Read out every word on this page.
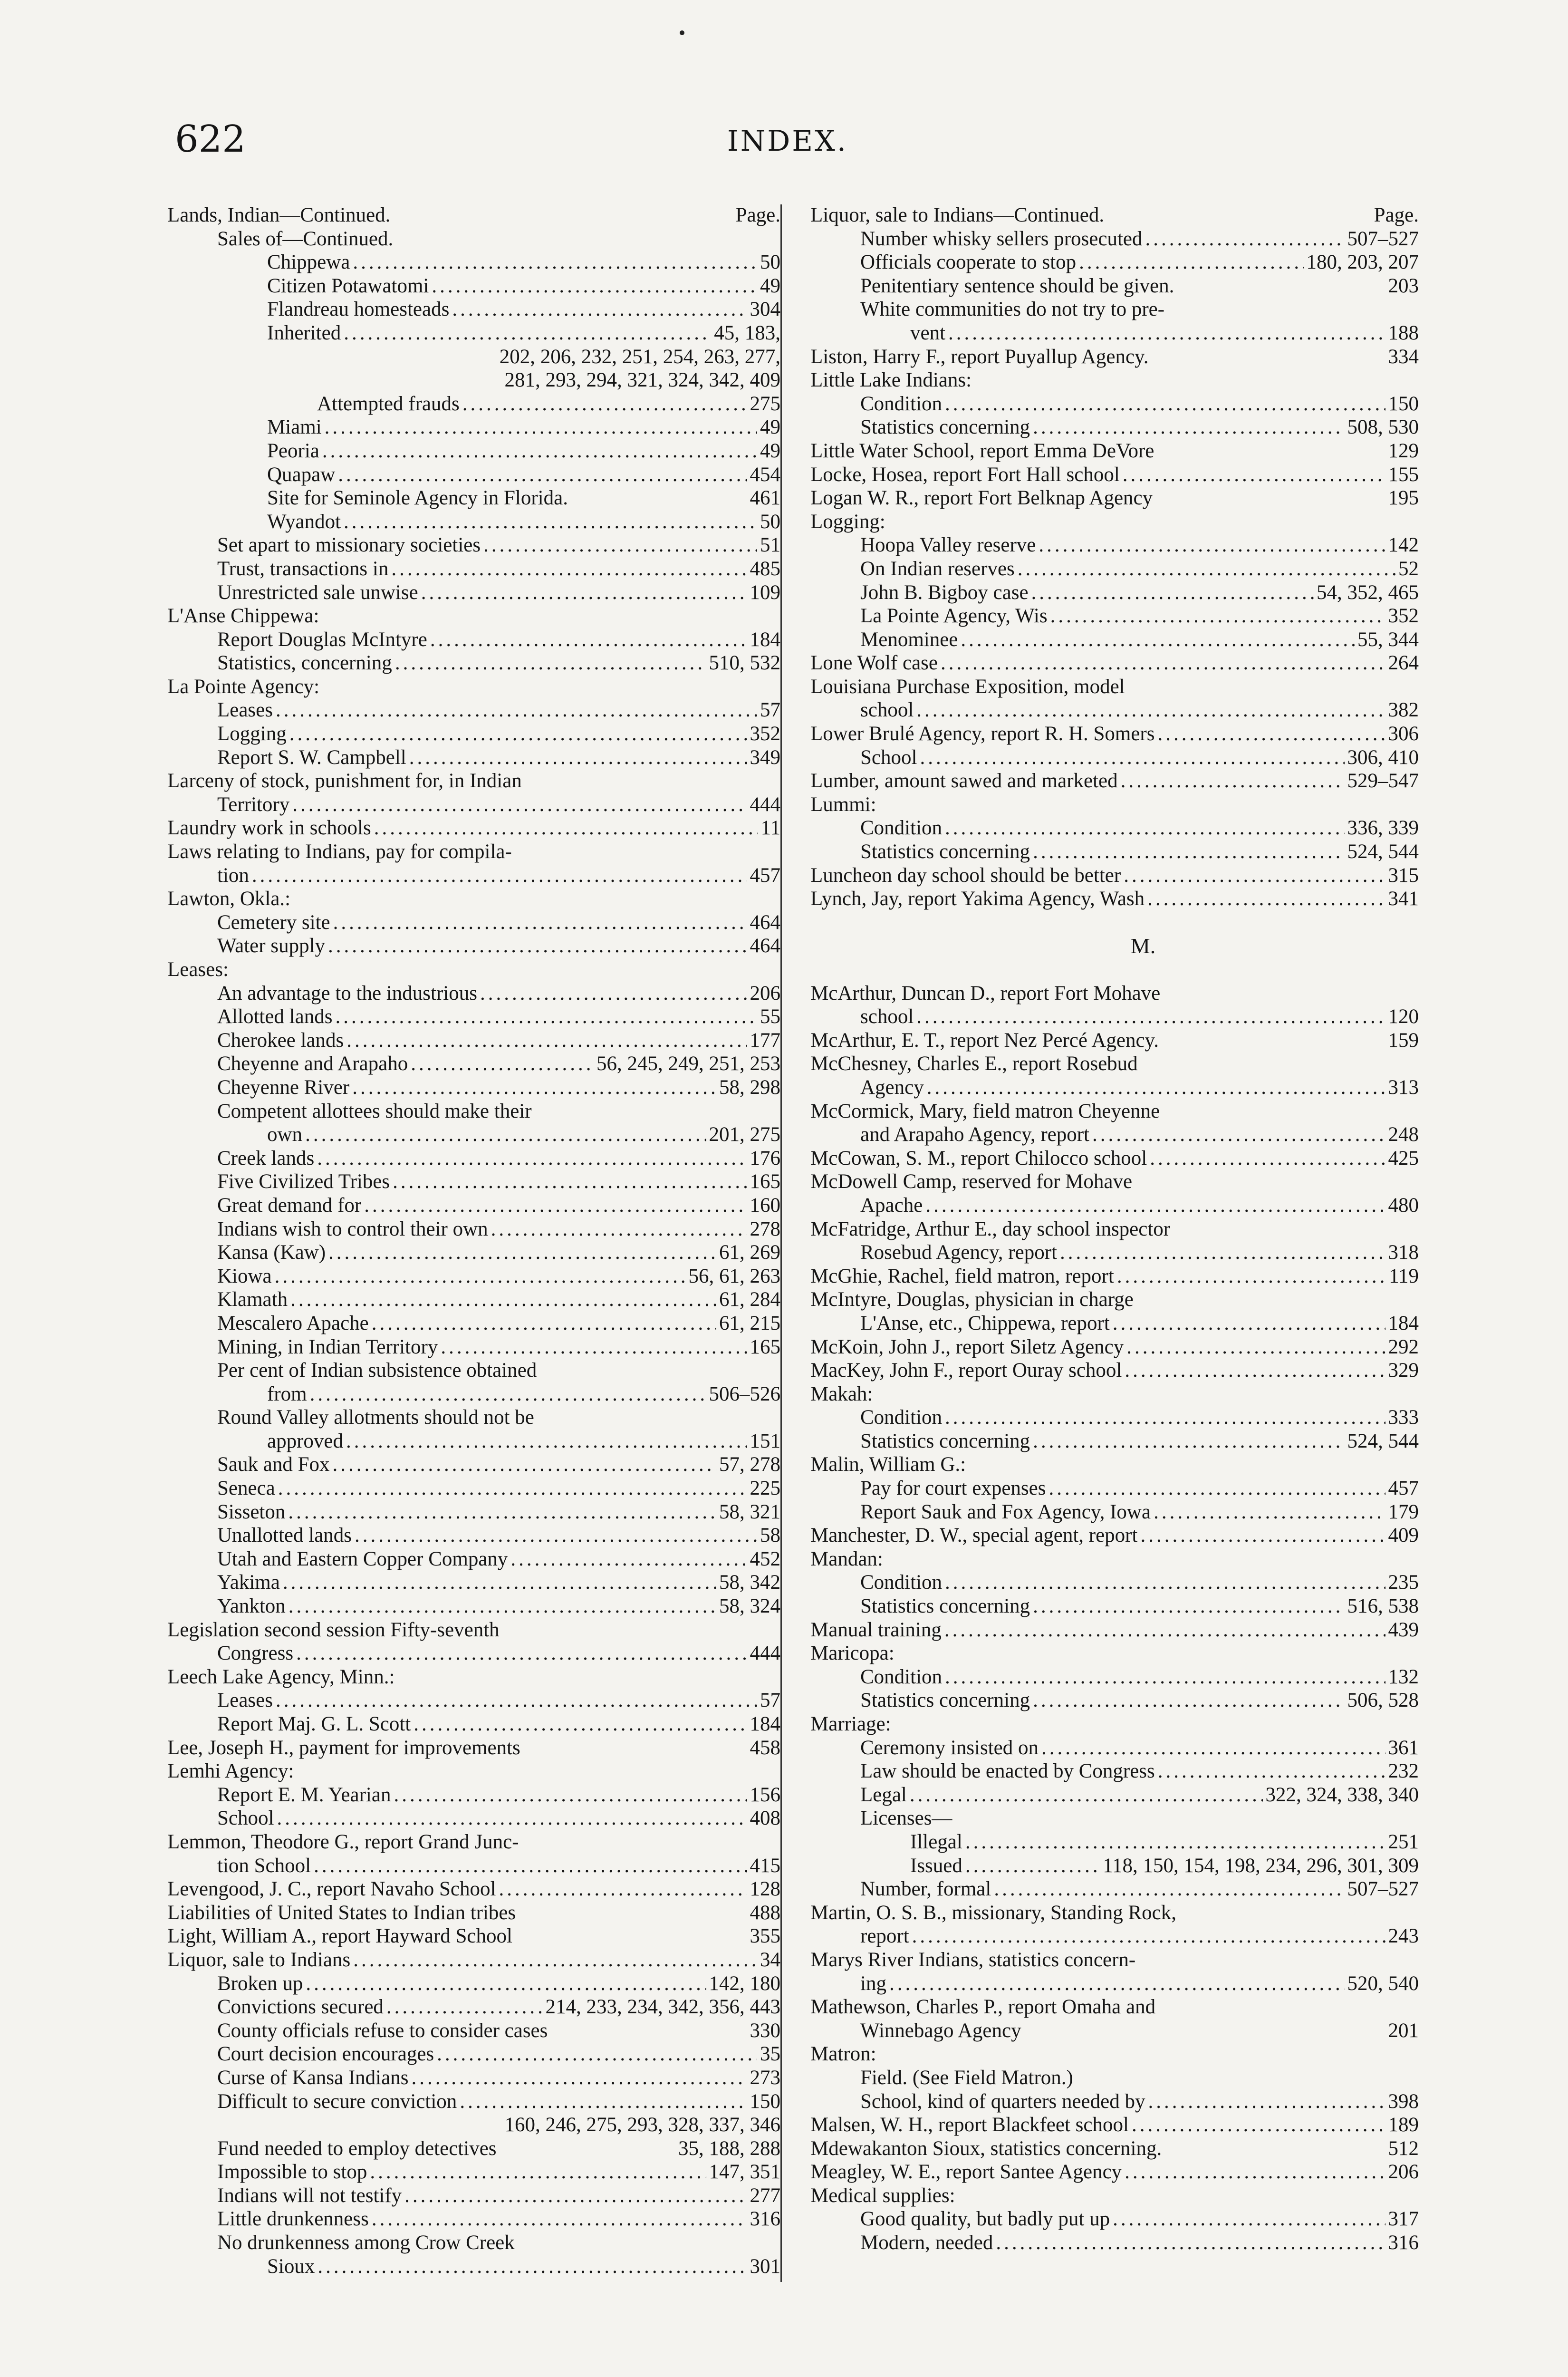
622	INDEX.
Lands, Indian—Continued.	Page.
Sales of—Continued.
Chippewa .....	50
Citizen Potawatomi .....	49
Flandreau homesteads .....	304
Inherited .....	45, 183,
202, 206, 232, 251, 254, 263, 277,
281, 293, 294, 321, 324, 342, 409
Attempted frauds .....	275
Miami .....	49
Peoria .....	49
Quapaw .....	454
Site for Seminole Agency in Florida.	461
Wyandot .....	50
Set apart to missionary societies .....	51
Trust, transactions in .....	485
Unrestricted sale unwise .....	109
L'Anse Chippewa:
Report Douglas McIntyre .....	184
Statistics, concerning .....	510, 532
La Pointe Agency:
Leases .....	57
Logging .....	352
Report S. W. Campbell .....	349
Larceny of stock, punishment for, in Indian
Territory .....	444
Laundry work in schools .....	11
Laws relating to Indians, pay for compila-
tion .....	457
Lawton, Okla.:
Cemetery site .....	464
Water supply .....	464
Leases:
An advantage to the industrious .....	206
Allotted lands .....	55
Cherokee lands .....	177
Cheyenne and Arapaho .....	56, 245, 249, 251, 253
Cheyenne River .....	58, 298
Competent allottees should make their
own .....	201, 275
Creek lands .....	176
Five Civilized Tribes .....	165
Great demand for .....	160
Indians wish to control their own .....	278
Kansa (Kaw) .....	61, 269
Kiowa .....	56, 61, 263
Klamath .....	61, 284
Mescalero Apache .....	61, 215
Mining, in Indian Territory .....	165
Per cent of Indian subsistence obtained
from .....	506–526
Round Valley allotments should not be
approved .....	151
Sauk and Fox .....	57, 278
Seneca .....	225
Sisseton .....	58, 321
Unallotted lands .....	58
Utah and Eastern Copper Company .....	452
Yakima .....	58, 342
Yankton .....	58, 324
Legislation second session Fifty-seventh
Congress .....	444
Leech Lake Agency, Minn.:
Leases .....	57
Report Maj. G. L. Scott .....	184
Lee, Joseph H., payment for improvements	458
Lemhi Agency:
Report E. M. Yearian .....	156
School .....	408
Lemmon, Theodore G., report Grand Junc-
tion School .....	415
Levengood, J. C., report Navaho School .....	128
Liabilities of United States to Indian tribes	488
Light, William A., report Hayward School	355
Liquor, sale to Indians .....	34
Broken up .....	142, 180
Convictions secured .....	214, 233, 234, 342, 356, 443
County officials refuse to consider cases	330
Court decision encourages .....	35
Curse of Kansa Indians .....	273
Difficult to secure conviction .....	150
160, 246, 275, 293, 328, 337, 346
Fund needed to employ detectives	35, 188, 288
Impossible to stop .....	147, 351
Indians will not testify .....	277
Little drunkenness .....	316
No drunkenness among Crow Creek
Sioux .....	301
Liquor, sale to Indians—Continued.	Page.
Number whisky sellers prosecuted .....	507–527
Officials cooperate to stop .....	180, 203, 207
Penitentiary sentence should be given.	203
White communities do not try to pre-
vent .....	188
Liston, Harry F., report Puyallup Agency.	334
Little Lake Indians:
Condition .....	150
Statistics concerning .....	508, 530
Little Water School, report Emma DeVore	129
Locke, Hosea, report Fort Hall school .....	155
Logan W. R., report Fort Belknap Agency	195
Logging:
Hoopa Valley reserve .....	142
On Indian reserves .....	52
John B. Bigboy case .....	54, 352, 465
La Pointe Agency, Wis .....	352
Menominee .....	55, 344
Lone Wolf case .....	264
Louisiana Purchase Exposition, model
school .....	382
Lower Brulé Agency, report R. H. Somers .....	306
School .....	306, 410
Lumber, amount sawed and marketed .....	529–547
Lummi:
Condition .....	336, 339
Statistics concerning .....	524, 544
Luncheon day school should be better .....	315
Lynch, Jay, report Yakima Agency, Wash .....	341
M.
McArthur, Duncan D., report Fort Mohave
school .....	120
McArthur, E. T., report Nez Percé Agency.	159
McChesney, Charles E., report Rosebud
Agency .....	313
McCormick, Mary, field matron Cheyenne
and Arapaho Agency, report .....	248
McCowan, S. M., report Chilocco school .....	425
McDowell Camp, reserved for Mohave
Apache .....	480
McFatridge, Arthur E., day school inspector
Rosebud Agency, report .....	318
McGhie, Rachel, field matron, report .....	119
McIntyre, Douglas, physician in charge
L'Anse, etc., Chippewa, report .....	184
McKoin, John J., report Siletz Agency .....	292
MacKey, John F., report Ouray school .....	329
Makah:
Condition .....	333
Statistics concerning .....	524, 544
Malin, William G.:
Pay for court expenses .....	457
Report Sauk and Fox Agency, Iowa .....	179
Manchester, D. W., special agent, report .....	409
Mandan:
Condition .....	235
Statistics concerning .....	516, 538
Manual training .....	439
Maricopa:
Condition .....	132
Statistics concerning .....	506, 528
Marriage:
Ceremony insisted on .....	361
Law should be enacted by Congress .....	232
Legal .....	322, 324, 338, 340
Licenses—
Illegal .....	251
Issued .....	118, 150, 154, 198, 234, 296, 301, 309
Number, formal .....	507–527
Martin, O. S. B., missionary, Standing Rock,
report .....	243
Marys River Indians, statistics concern-
ing .....	520, 540
Mathewson, Charles P., report Omaha and
Winnebago Agency	201
Matron:
Field. (See Field Matron.)
School, kind of quarters needed by .....	398
Malsen, W. H., report Blackfeet school .....	189
Mdewakanton Sioux, statistics concerning.	512
Meagley, W. E., report Santee Agency .....	206
Medical supplies:
Good quality, but badly put up .....	317
Modern, needed .....	316
